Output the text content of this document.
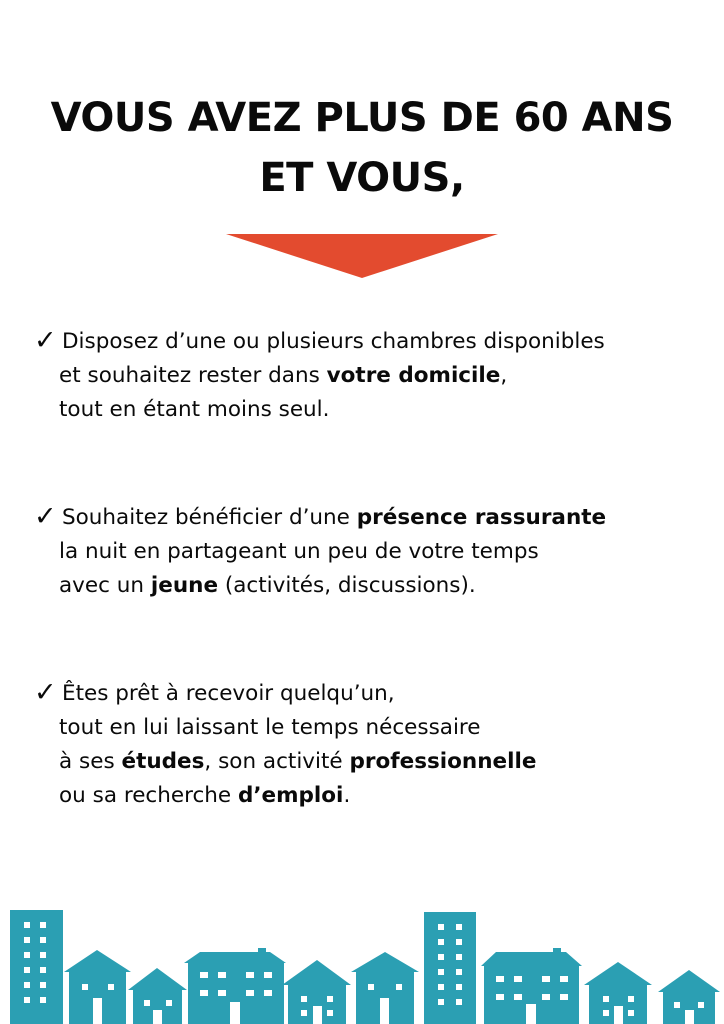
VOUS AVEZ PLUS DE 60 ANS
ET VOUS,
✓ Disposez d’une ou plusieurs chambres disponibles
et souhaitez rester dans votre domicile,
tout en étant moins seul.
✓ Souhaitez bénéficier d’une présence rassurante
la nuit en partageant un peu de votre temps
avec un jeune (activités, discussions).
✓ Êtes prêt à recevoir quelqu’un,
tout en lui laissant le temps nécessaire
à ses études, son activité professionnelle
ou sa recherche d’emploi.
